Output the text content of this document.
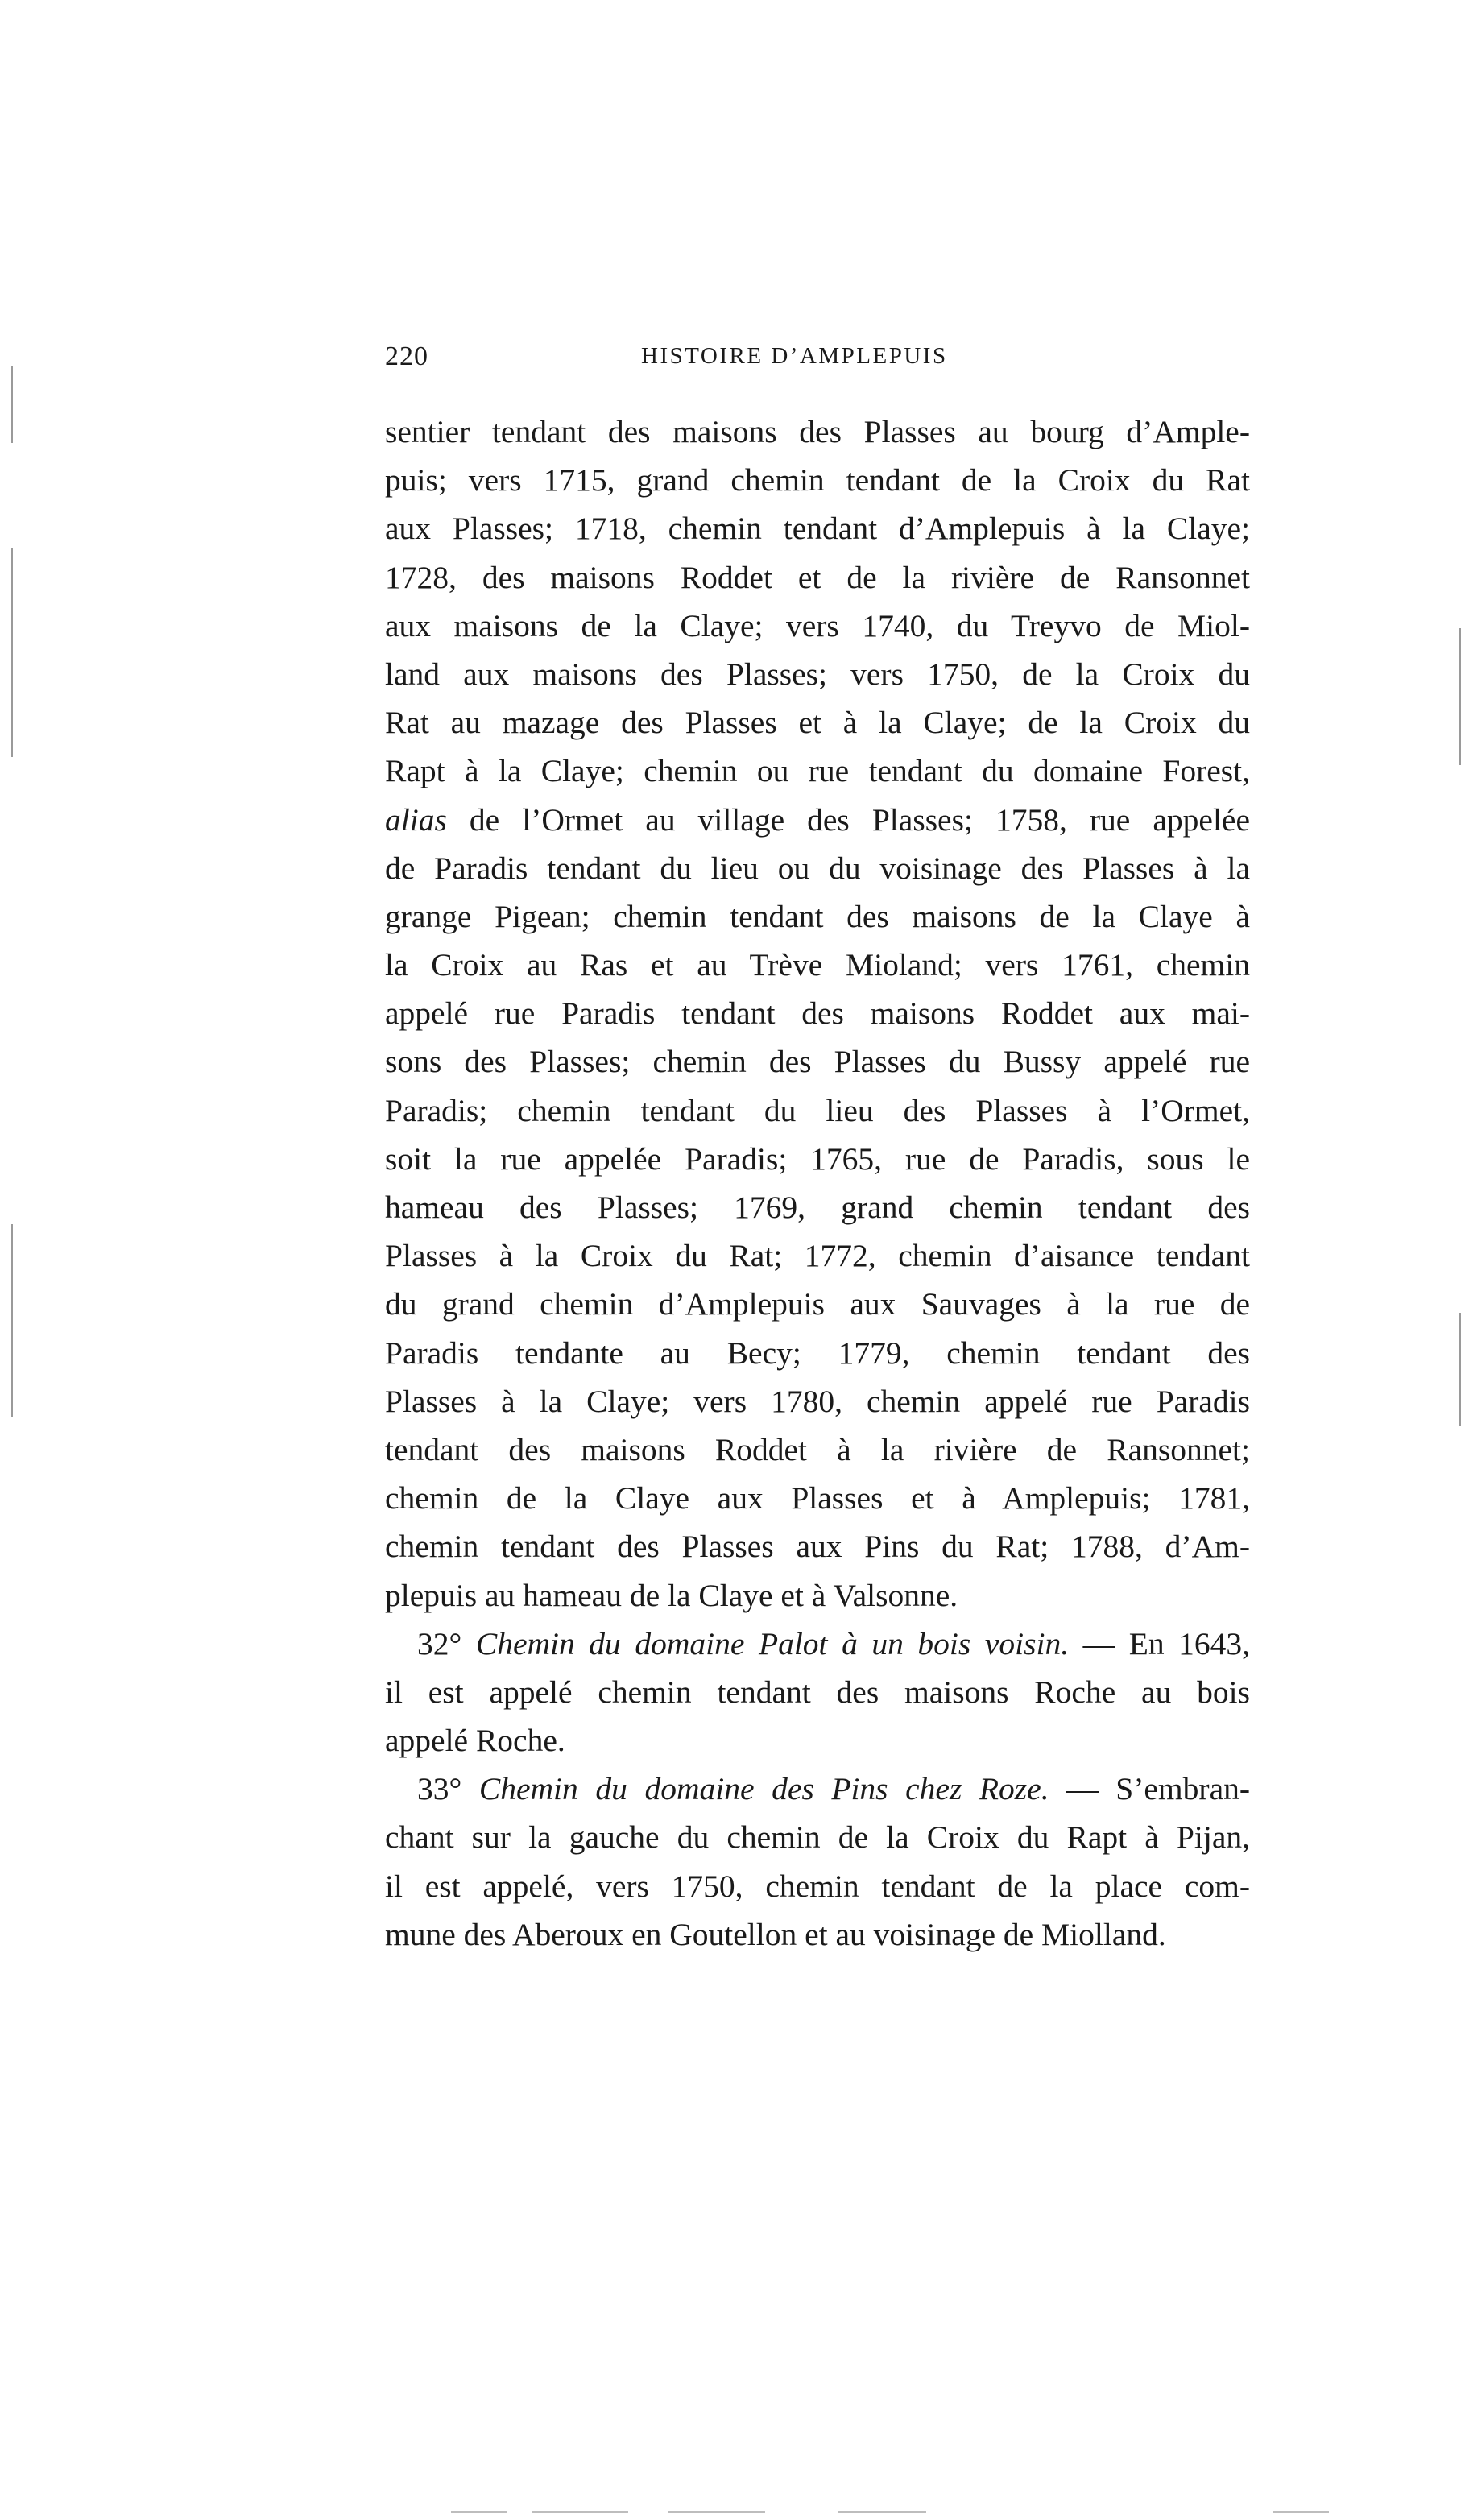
220	HISTOIRE D’AMPLEPUIS
sentier tendant des maisons des Plasses au bourg d’Ample-
puis; vers 1715, grand chemin tendant de la Croix du Rat
aux Plasses; 1718, chemin tendant d’Amplepuis à la Claye;
1728, des maisons Roddet et de la rivière de Ransonnet
aux maisons de la Claye; vers 1740, du Treyvo de Miol-
land aux maisons des Plasses; vers 1750, de la Croix du
Rat au mazage des Plasses et à la Claye; de la Croix du
Rapt à la Claye; chemin ou rue tendant du domaine Forest,
alias de l’Ormet au village des Plasses; 1758, rue appelée
de Paradis tendant du lieu ou du voisinage des Plasses à la
grange Pigean; chemin tendant des maisons de la Claye à
la Croix au Ras et au Trève Mioland; vers 1761, chemin
appelé rue Paradis tendant des maisons Roddet aux mai-
sons des Plasses; chemin des Plasses du Bussy appelé rue
Paradis; chemin tendant du lieu des Plasses à l’Ormet,
soit la rue appelée Paradis; 1765, rue de Paradis, sous le
hameau des Plasses; 1769, grand chemin tendant des
Plasses à la Croix du Rat; 1772, chemin d’aisance tendant
du grand chemin d’Amplepuis aux Sauvages à la rue de
Paradis tendante au Becy; 1779, chemin tendant des
Plasses à la Claye; vers 1780, chemin appelé rue Paradis
tendant des maisons Roddet à la rivière de Ransonnet;
chemin de la Claye aux Plasses et à Amplepuis; 1781,
chemin tendant des Plasses aux Pins du Rat; 1788, d’Am-
plepuis au hameau de la Claye et à Valsonne.
32° Chemin du domaine Palot à un bois voisin. — En 1643,
il est appelé chemin tendant des maisons Roche au bois
appelé Roche.
33° Chemin du domaine des Pins chez Roze. — S’embran-
chant sur la gauche du chemin de la Croix du Rapt à Pijan,
il est appelé, vers 1750, chemin tendant de la place com-
mune des Aberoux en Goutellon et au voisinage de Miolland.
